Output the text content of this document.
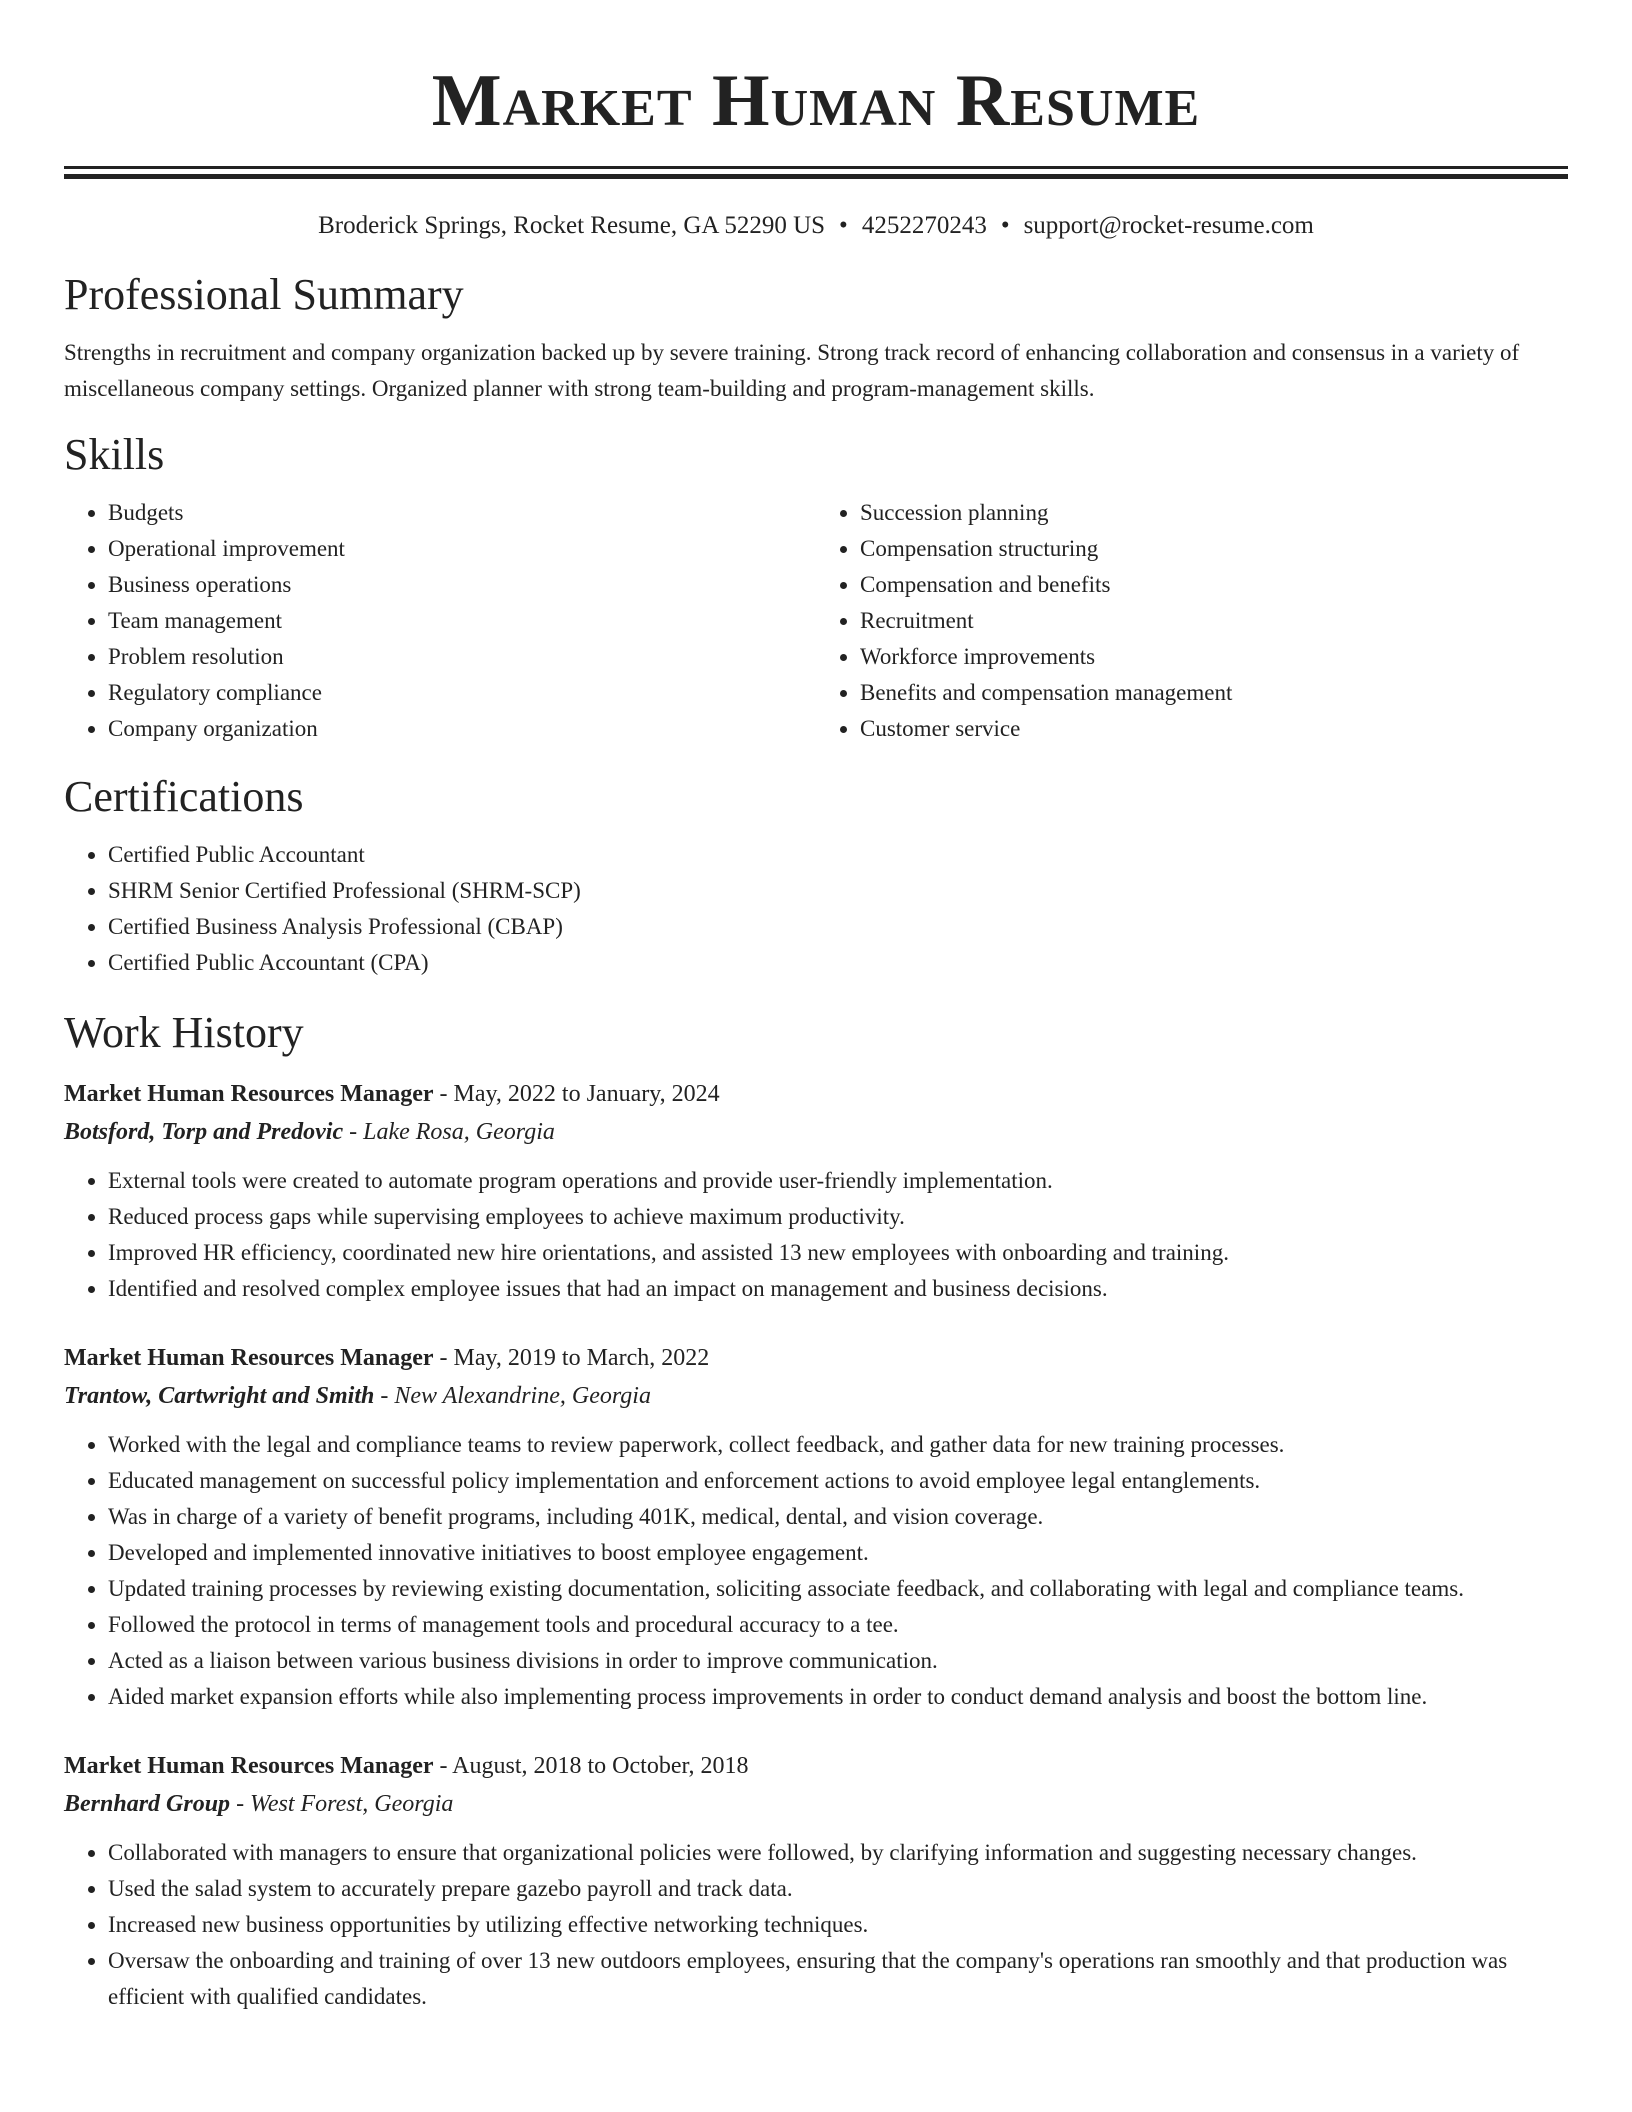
Market Human Resume
Broderick Springs, Rocket Resume, GA 52290 US • 4252270243 • support@rocket-resume.com
Professional Summary

Strengths in recruitment and company organization backed up by severe training. Strong track record of enhancing collaboration and consensus in a variety of miscellaneous company settings. Organized planner with strong team-building and program-management skills.

Skills
• Budgets
• Operational improvement
• Business operations
• Team management
• Problem resolution
• Regulatory compliance
• Company organization
• Succession planning
• Compensation structuring
• Compensation and benefits
• Recruitment
• Workforce improvements
• Benefits and compensation management
• Customer service
Certifications
• Certified Public Accountant
• SHRM Senior Certified Professional (SHRM-SCP)
• Certified Business Analysis Professional (CBAP)
• Certified Public Accountant (CPA)
Work History
Market Human Resources Manager - May, 2022 to January, 2024
Botsford, Torp and Predovic - Lake Rosa, Georgia
• External tools were created to automate program operations and provide user-friendly implementation.
• Reduced process gaps while supervising employees to achieve maximum productivity.
• Improved HR efficiency, coordinated new hire orientations, and assisted 13 new employees with onboarding and training.
• Identified and resolved complex employee issues that had an impact on management and business decisions.
Market Human Resources Manager - May, 2019 to March, 2022
Trantow, Cartwright and Smith - New Alexandrine, Georgia
• Worked with the legal and compliance teams to review paperwork, collect feedback, and gather data for new training processes.
• Educated management on successful policy implementation and enforcement actions to avoid employee legal entanglements.
• Was in charge of a variety of benefit programs, including 401K, medical, dental, and vision coverage.
• Developed and implemented innovative initiatives to boost employee engagement.
• Updated training processes by reviewing existing documentation, soliciting associate feedback, and collaborating with legal and compliance teams.
• Followed the protocol in terms of management tools and procedural accuracy to a tee.
• Acted as a liaison between various business divisions in order to improve communication.
• Aided market expansion efforts while also implementing process improvements in order to conduct demand analysis and boost the bottom line.
Market Human Resources Manager - August, 2018 to October, 2018
Bernhard Group - West Forest, Georgia
• Collaborated with managers to ensure that organizational policies were followed, by clarifying information and suggesting necessary changes.
• Used the salad system to accurately prepare gazebo payroll and track data.
• Increased new business opportunities by utilizing effective networking techniques.
• Oversaw the onboarding and training of over 13 new outdoors employees, ensuring that the company's operations ran smoothly and that production was efficient with qualified candidates.
